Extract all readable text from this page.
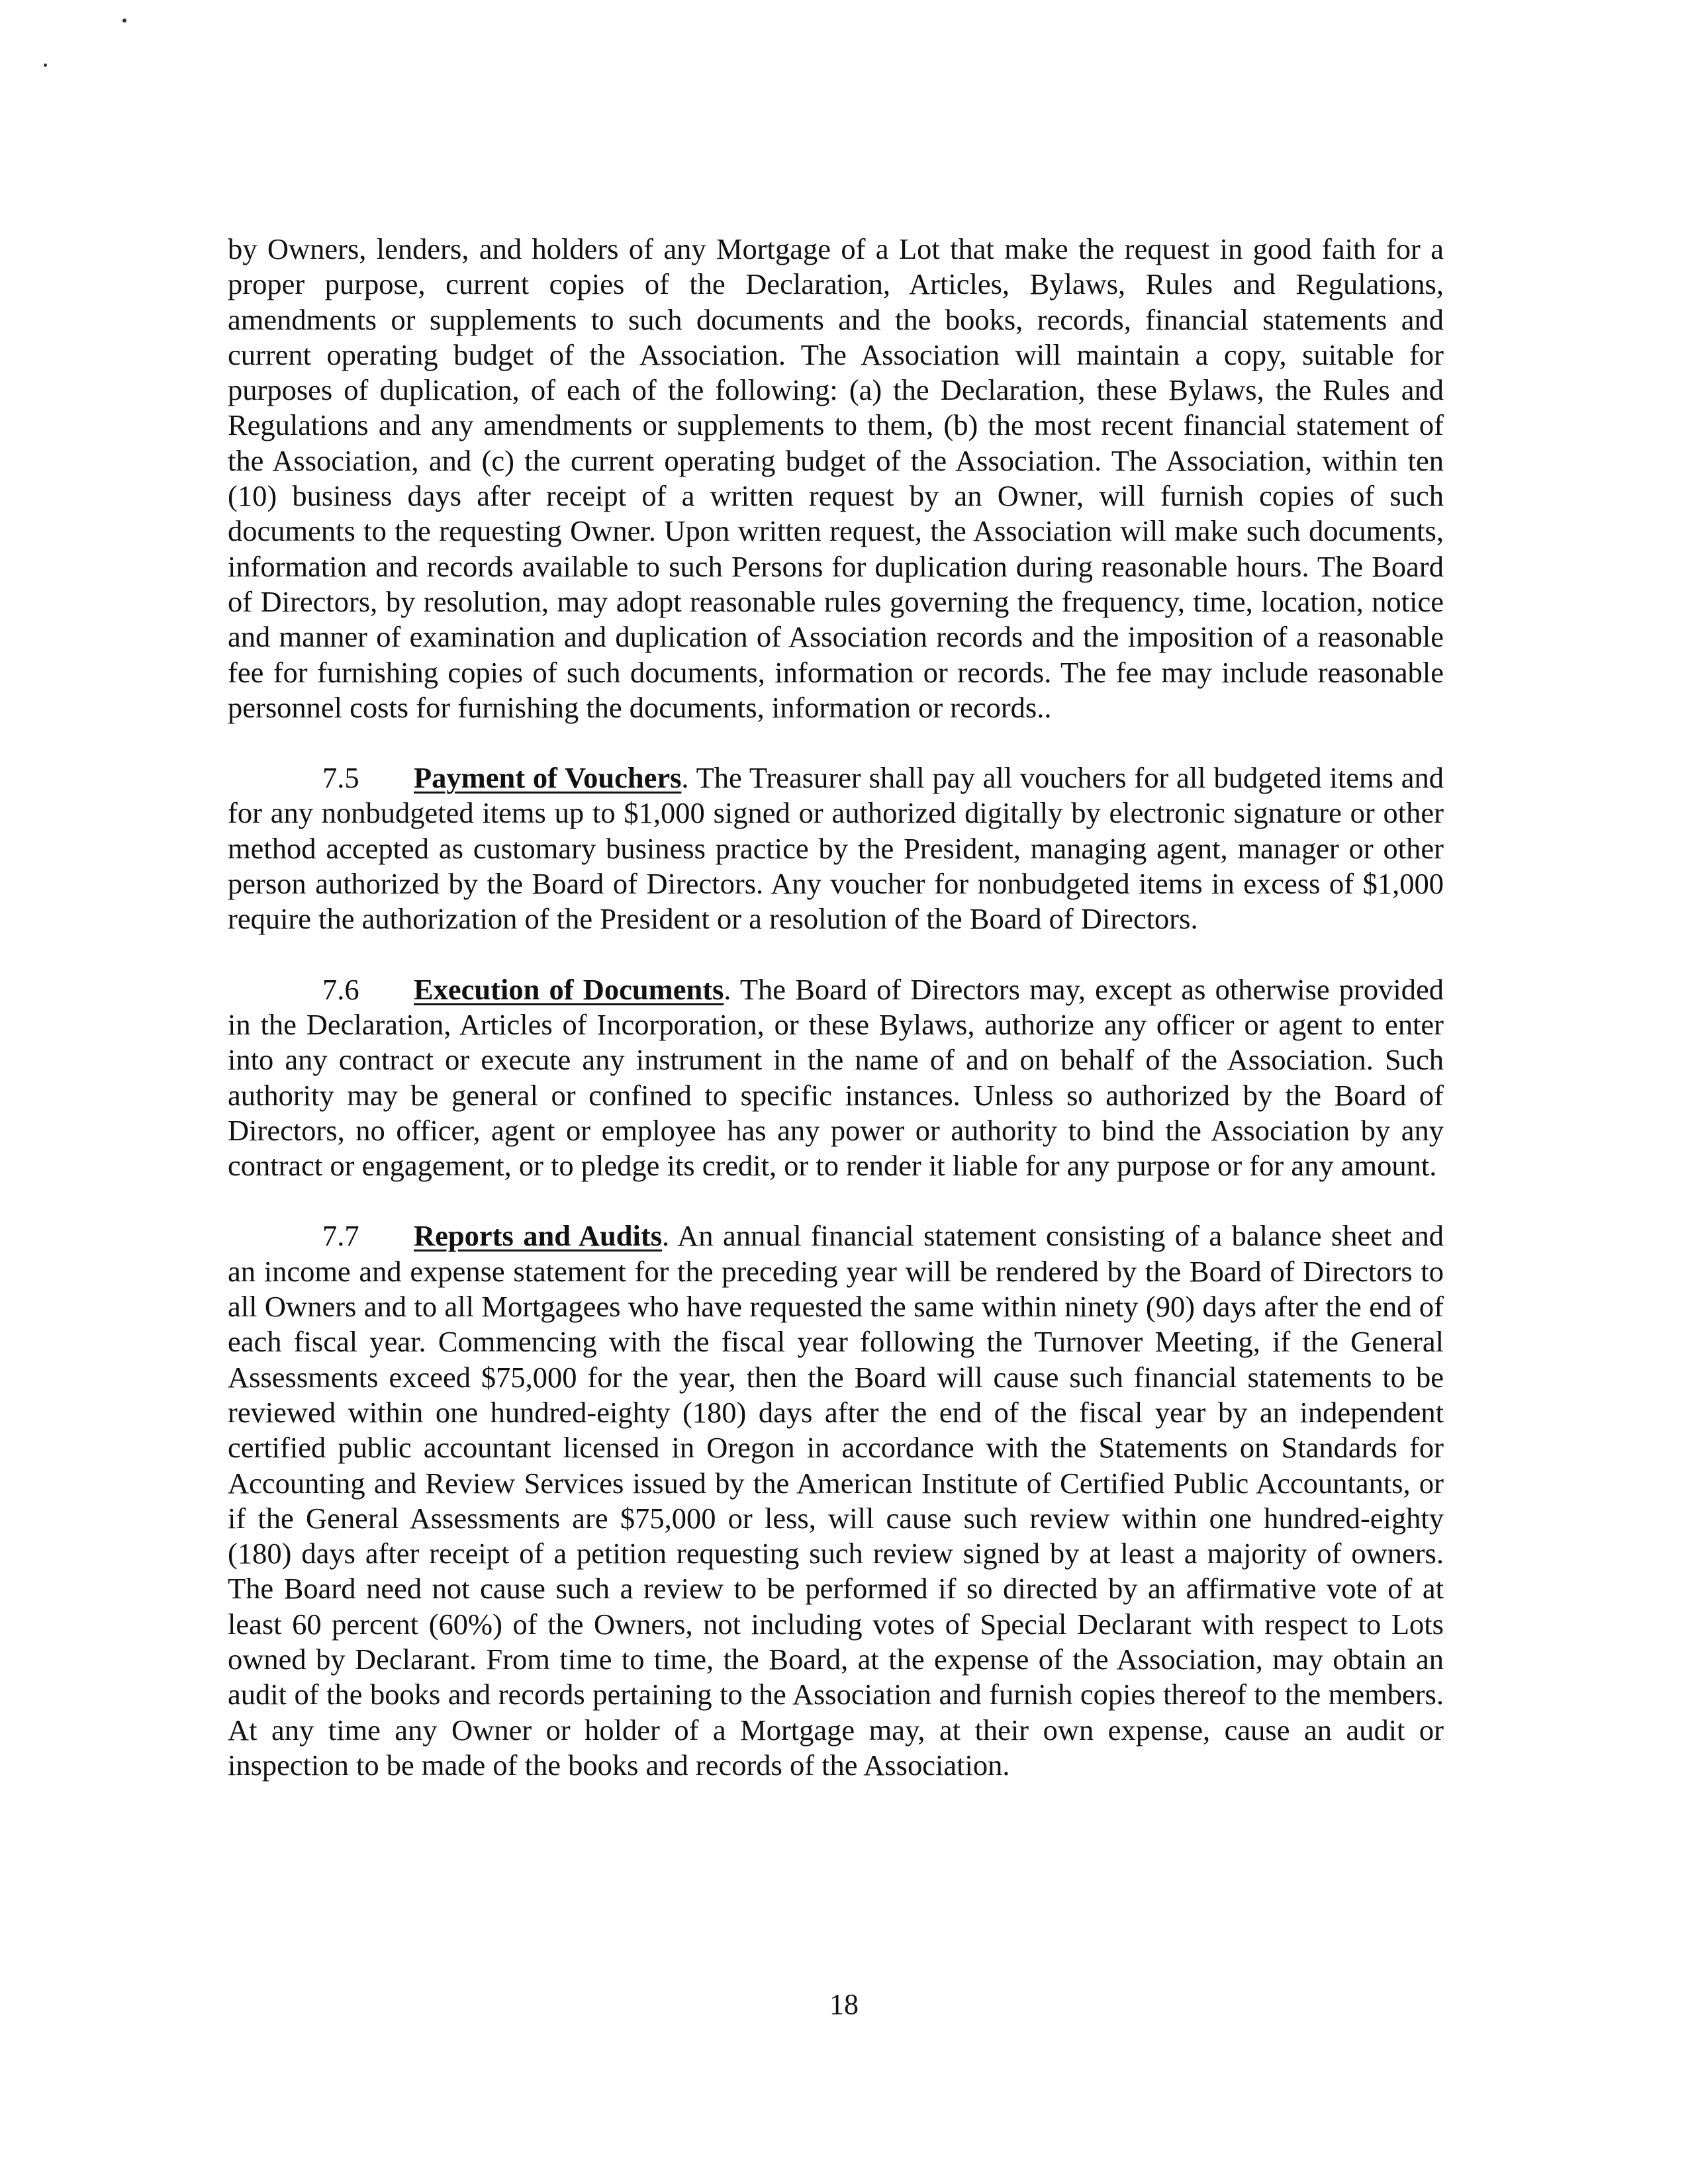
by Owners, lenders, and holders of any Mortgage of a Lot that make the request in good faith for a proper purpose, current copies of the Declaration, Articles, Bylaws, Rules and Regulations, amendments or supplements to such documents and the books, records, financial statements and current operating budget of the Association. The Association will maintain a copy, suitable for purposes of duplication, of each of the following: (a) the Declaration, these Bylaws, the Rules and Regulations and any amendments or supplements to them, (b) the most recent financial statement of the Association, and (c) the current operating budget of the Association. The Association, within ten (10) business days after receipt of a written request by an Owner, will furnish copies of such documents to the requesting Owner. Upon written request, the Association will make such documents, information and records available to such Persons for duplication during reasonable hours. The Board of Directors, by resolution, may adopt reasonable rules governing the frequency, time, location, notice and manner of examination and duplication of Association records and the imposition of a reasonable fee for furnishing copies of such documents, information or records. The fee may include reasonable personnel costs for furnishing the documents, information or records..

7.5 Payment of Vouchers. The Treasurer shall pay all vouchers for all budgeted items and for any nonbudgeted items up to $1,000 signed or authorized digitally by electronic signature or other method accepted as customary business practice by the President, managing agent, manager or other person authorized by the Board of Directors. Any voucher for nonbudgeted items in excess of $1,000 require the authorization of the President or a resolution of the Board of Directors.

7.6 Execution of Documents. The Board of Directors may, except as otherwise provided in the Declaration, Articles of Incorporation, or these Bylaws, authorize any officer or agent to enter into any contract or execute any instrument in the name of and on behalf of the Association. Such authority may be general or confined to specific instances. Unless so authorized by the Board of Directors, no officer, agent or employee has any power or authority to bind the Association by any contract or engagement, or to pledge its credit, or to render it liable for any purpose or for any amount.

7.7 Reports and Audits. An annual financial statement consisting of a balance sheet and an income and expense statement for the preceding year will be rendered by the Board of Directors to all Owners and to all Mortgagees who have requested the same within ninety (90) days after the end of each fiscal year. Commencing with the fiscal year following the Turnover Meeting, if the General Assessments exceed $75,000 for the year, then the Board will cause such financial statements to be reviewed within one hundred-eighty (180) days after the end of the fiscal year by an independent certified public accountant licensed in Oregon in accordance with the Statements on Standards for Accounting and Review Services issued by the American Institute of Certified Public Accountants, or if the General Assessments are $75,000 or less, will cause such review within one hundred-eighty (180) days after receipt of a petition requesting such review signed by at least a majority of owners. The Board need not cause such a review to be performed if so directed by an affirmative vote of at least 60 percent (60%) of the Owners, not including votes of Special Declarant with respect to Lots owned by Declarant. From time to time, the Board, at the expense of the Association, may obtain an audit of the books and records pertaining to the Association and furnish copies thereof to the members. At any time any Owner or holder of a Mortgage may, at their own expense, cause an audit or inspection to be made of the books and records of the Association.

18
